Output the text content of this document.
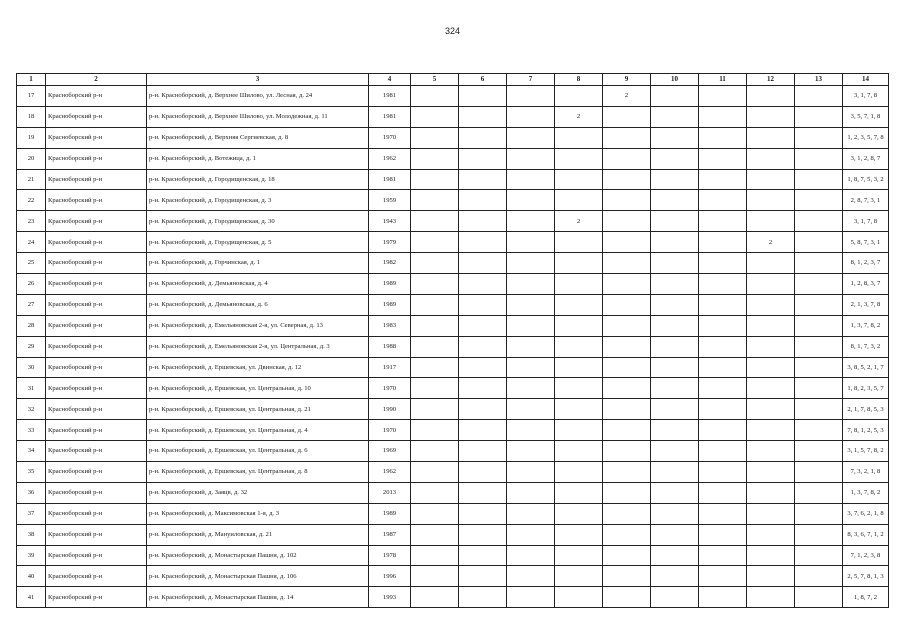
324
1	2	3	4	5	6	7	8	9	10	11	12	13	14
17	Красноборский р-н	р-н. Красноборский, д. Верхнее Шилово, ул. Лесная, д. 24	1981					2					3, 1, 7, 8
18	Красноборский р-н	р-н. Красноборский, д. Верхнее Шилово, ул. Молодежная, д. 11	1981				2						3, 5, 7, 1, 8
19	Красноборский р-н	р-н. Красноборский, д. Верхняя Сергиевская, д. 8	1970										1, 2, 3, 5, 7, 8
20	Красноборский р-н	р-н. Красноборский, д. Вотежица, д. 1	1962										3, 1, 2, 8, 7
21	Красноборский р-н	р-н. Красноборский, д. Городищенская, д. 18	1981										1, 8, 7, 5, 3, 2
22	Красноборский р-н	р-н. Красноборский, д. Городищенская, д. 3	1959										2, 8, 7, 3, 1
23	Красноборский р-н	р-н. Красноборский, д. Городищенская, д. 30	1943				2						3, 1, 7, 8
24	Красноборский р-н	р-н. Красноборский, д. Городищенская, д. 5	1979								2		5, 8, 7, 3, 1
25	Красноборский р-н	р-н. Красноборский, д. Горчинская, д. 1	1982										8, 1, 2, 3, 7
26	Красноборский р-н	р-н. Красноборский, д. Демьяновская, д. 4	1989										1, 2, 8, 3, 7
27	Красноборский р-н	р-н. Красноборский, д. Демьяновская, д. 6	1989										2, 1, 3, 7, 8
28	Красноборский р-н	р-н. Красноборский, д. Емельяновская 2-я, ул. Северная, д. 13	1983										1, 3, 7, 8, 2
29	Красноборский р-н	р-н. Красноборский, д. Емельяновская 2-я, ул. Центральная, д. 3	1988										8, 1, 7, 3, 2
30	Красноборский р-н	р-н. Красноборский, д. Ершевская, ул. Двинская, д. 12	1917										3, 8, 5, 2, 1, 7
31	Красноборский р-н	р-н. Красноборский, д. Ершевская, ул. Центральная, д. 10	1970										1, 8, 2, 3, 5, 7
32	Красноборский р-н	р-н. Красноборский, д. Ершевская, ул. Центральная, д. 21	1990										2, 1, 7, 8, 5, 3
33	Красноборский р-н	р-н. Красноборский, д. Ершевская, ул. Центральная, д. 4	1970										7, 8, 1, 2, 5, 3
34	Красноборский р-н	р-н. Красноборский, д. Ершевская, ул. Центральная, д. 6	1969										3, 1, 5, 7, 8, 2
35	Красноборский р-н	р-н. Красноборский, д. Ершевская, ул. Центральная, д. 8	1962										7, 3, 2, 1, 8
36	Красноборский р-н	р-н. Красноборский, д. Заяцв, д. 32	2013										1, 3, 7, 8, 2
37	Красноборский р-н	р-н. Красноборский, д. Максимовская 1-я, д. 3	1989										3, 7, 6, 2, 1, 8
38	Красноборский р-н	р-н. Красноборский, д. Мануиловская, д. 21	1987										8, 3, 6, 7, 1, 2
39	Красноборский р-н	р-н. Красноборский, д. Монастырская Пашня, д. 102	1978										7, 1, 2, 3, 8
40	Красноборский р-н	р-н. Красноборский, д. Монастырская Пашня, д. 106	1996										2, 5, 7, 8, 1, 3
41	Красноборский р-н	р-н. Красноборский, д. Монастырская Пашня, д. 14	1993										1, 8, 7, 2
